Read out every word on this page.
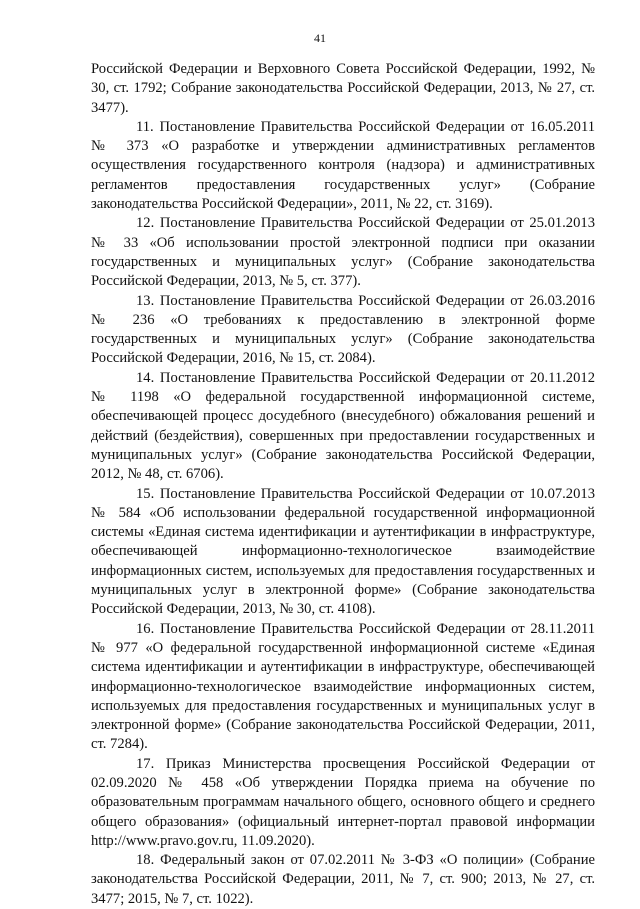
41

Российской Федерации и Верховного Совета Российской Федерации, 1992, № 30, ст. 1792; Собрание законодательства Российской Федерации, 2013, № 27, ст. 3477).

11. Постановление Правительства Российской Федерации от 16.05.2011 № 373 «О разработке и утверждении административных регламентов осуществления государственного контроля (надзора) и административных регламентов предоставления государственных услуг» (Собрание законодательства Российской Федерации», 2011, № 22, ст. 3169).

12. Постановление Правительства Российской Федерации от 25.01.2013 № 33 «Об использовании простой электронной подписи при оказании государственных и муниципальных услуг» (Собрание законодательства Российской Федерации, 2013, № 5, ст. 377).

13. Постановление Правительства Российской Федерации от 26.03.2016 № 236 «О требованиях к предоставлению в электронной форме государственных и муниципальных услуг» (Собрание законодательства Российской Федерации, 2016, № 15, ст. 2084).

14. Постановление Правительства Российской Федерации от 20.11.2012 № 1198 «О федеральной государственной информационной системе, обеспечивающей процесс досудебного (внесудебного) обжалования решений и действий (бездействия), совершенных при предоставлении государственных и муниципальных услуг» (Собрание законодательства Российской Федерации, 2012, № 48, ст. 6706).

15. Постановление Правительства Российской Федерации от 10.07.2013 № 584 «Об использовании федеральной государственной информационной системы «Единая система идентификации и аутентификации в инфраструктуре, обеспечивающей информационно-технологическое взаимодействие информационных систем, используемых для предоставления государственных и муниципальных услуг в электронной форме» (Собрание законодательства Российской Федерации, 2013, № 30, ст. 4108).

16. Постановление Правительства Российской Федерации от 28.11.2011 № 977 «О федеральной государственной информационной системе «Единая система идентификации и аутентификации в инфраструктуре, обеспечивающей информационно-технологическое взаимодействие информационных систем, используемых для предоставления государственных и муниципальных услуг в электронной форме» (Собрание законодательства Российской Федерации, 2011, ст. 7284).

17. Приказ Министерства просвещения Российской Федерации от 02.09.2020 № 458 «Об утверждении Порядка приема на обучение по образовательным программам начального общего, основного общего и среднего общего образования» (официальный интернет-портал правовой информации http://www.pravo.gov.ru, 11.09.2020).

18. Федеральный закон от 07.02.2011 № 3-ФЗ «О полиции» (Собрание законодательства Российской Федерации, 2011, № 7, ст. 900; 2013, № 27, ст. 3477; 2015, № 7, ст. 1022).
